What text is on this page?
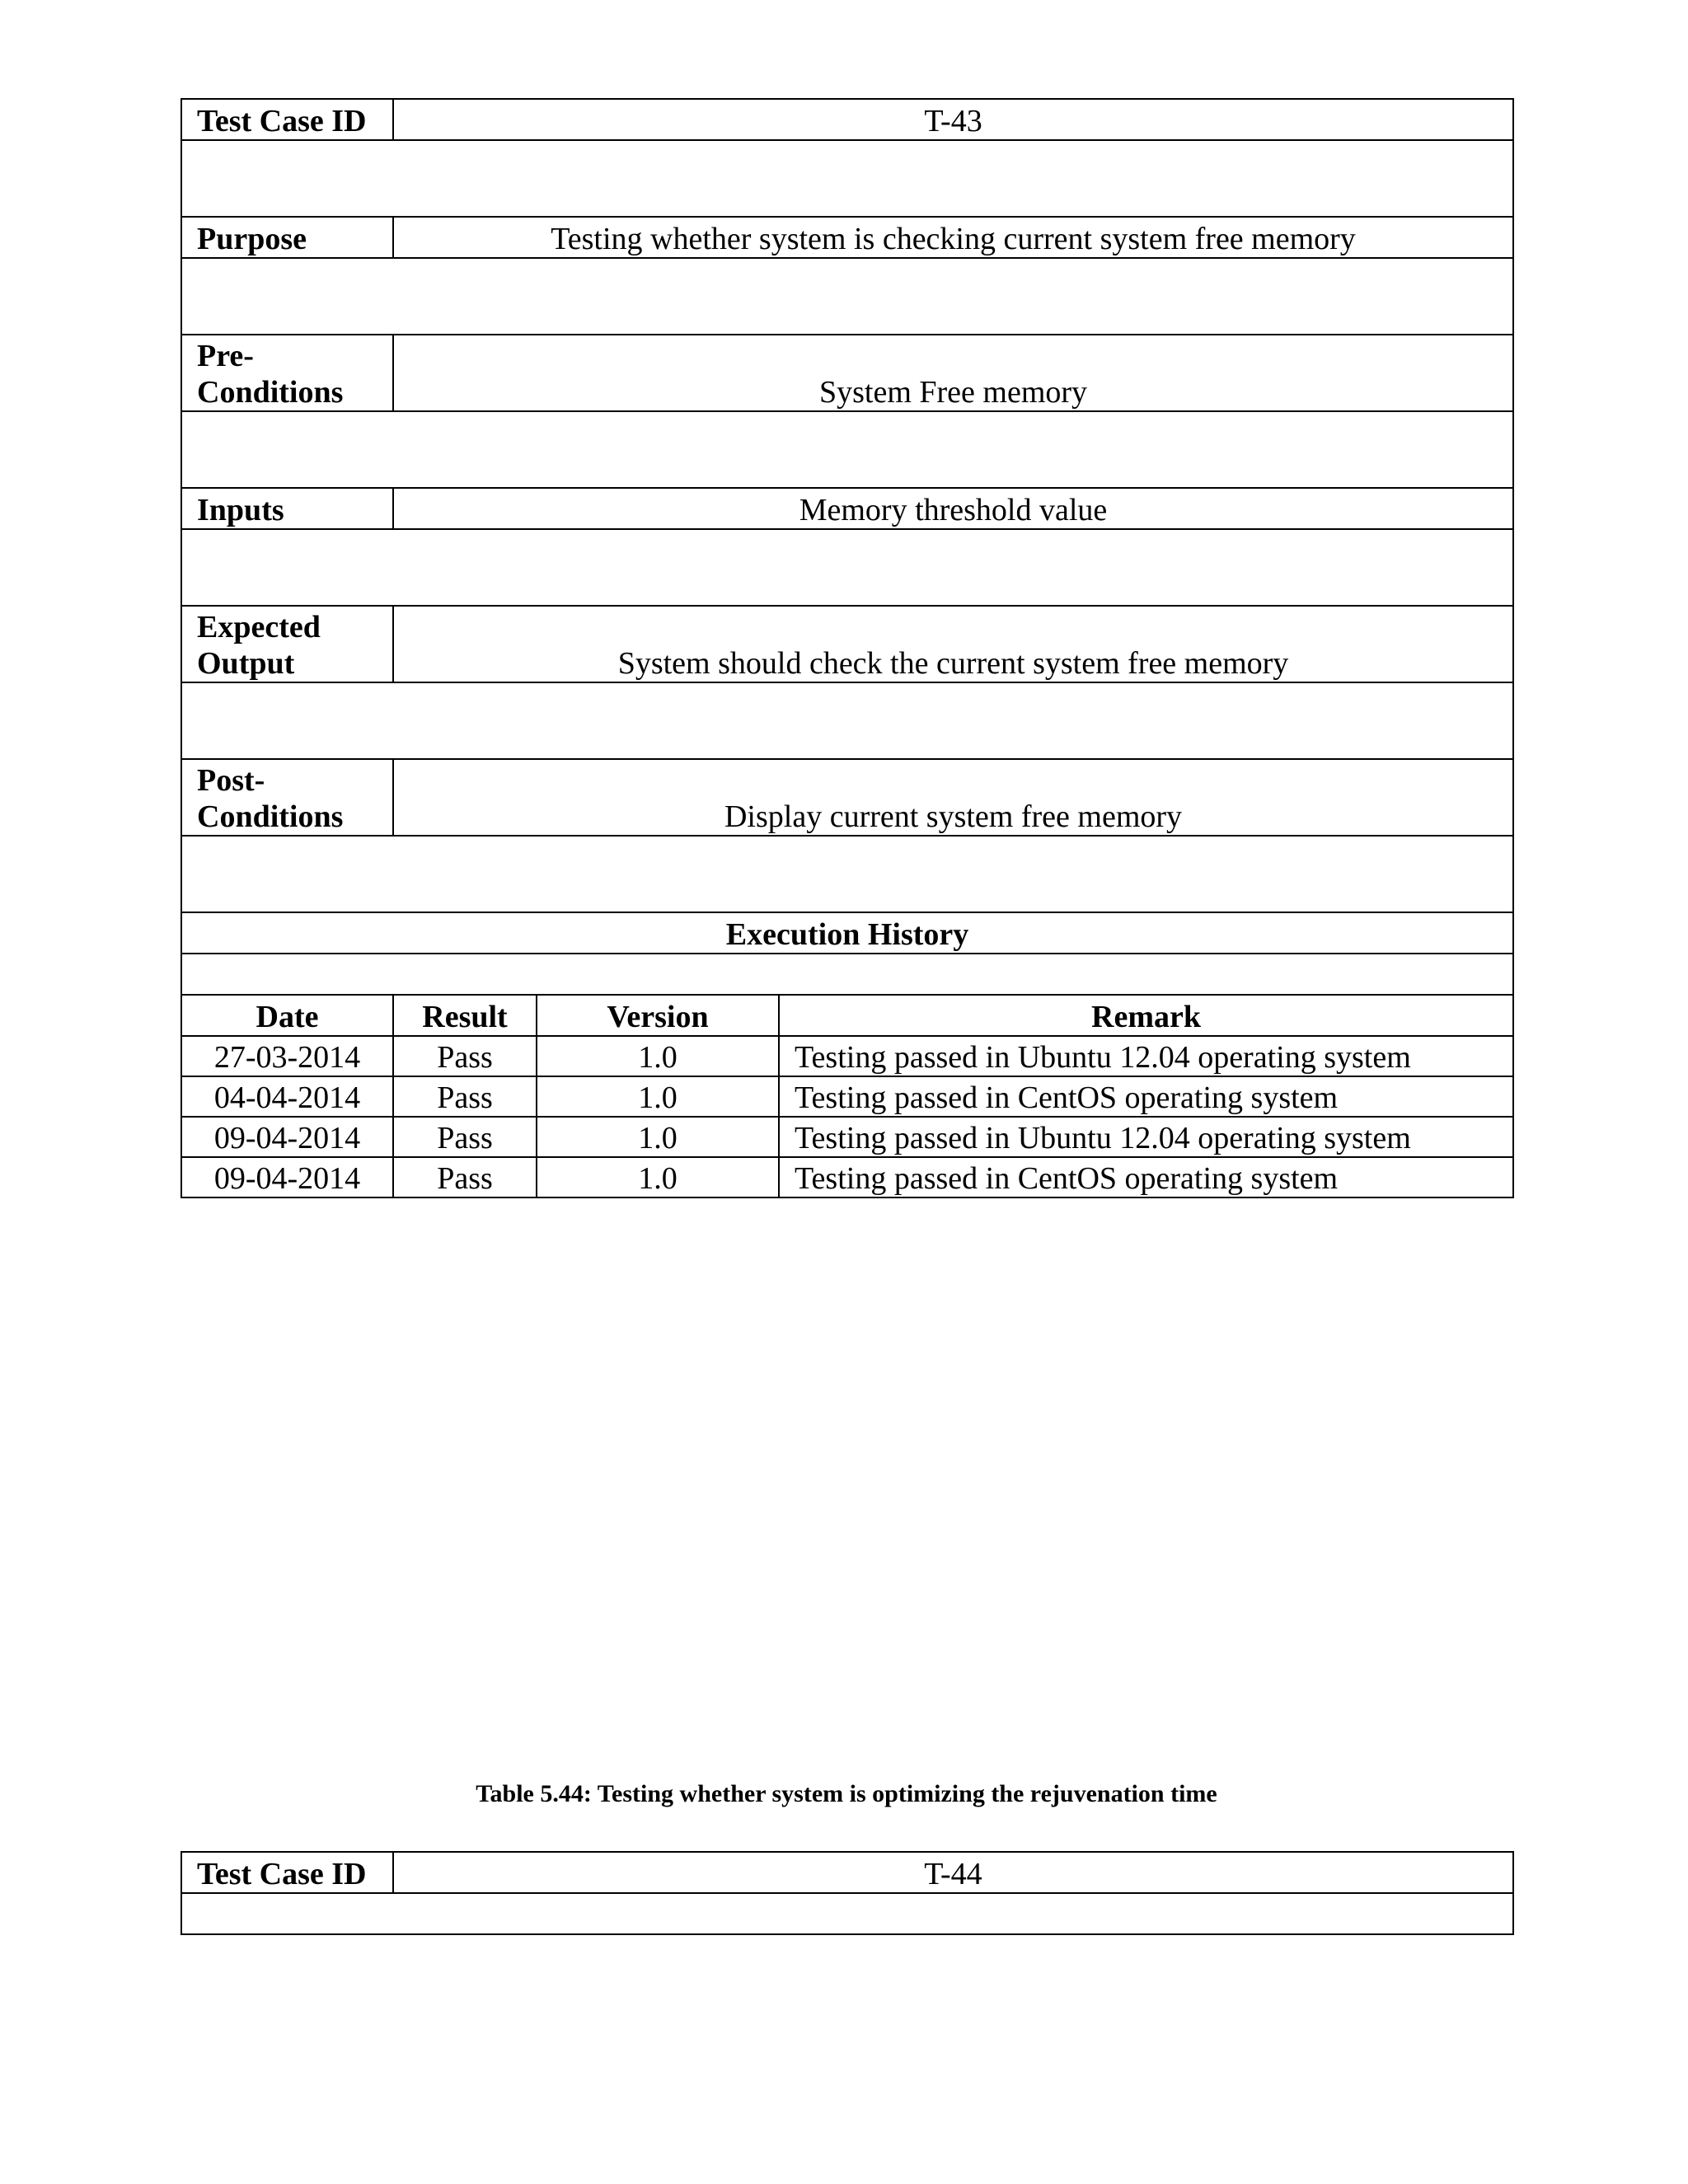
Test Case ID	T-43		

Purpose	Testing whether system is checking current system free memory		

Pre-
Conditions	System Free memory		

Inputs	Memory threshold value		

Expected
Output	System should check the current system free memory		

Post-
Conditions	Display current system free memory		

Execution History			

Date	Result	Version	Remark
27-03-2014	Pass	1.0	Testing passed in Ubuntu 12.04 operating system
04-04-2014	Pass	1.0	Testing passed in CentOS operating system
09-04-2014	Pass	1.0	Testing passed in Ubuntu 12.04 operating system
09-04-2014	Pass	1.0	Testing passed in CentOS operating system
Table 5.44: Testing whether system is optimizing the rejuvenation time
Test Case ID	T-44
